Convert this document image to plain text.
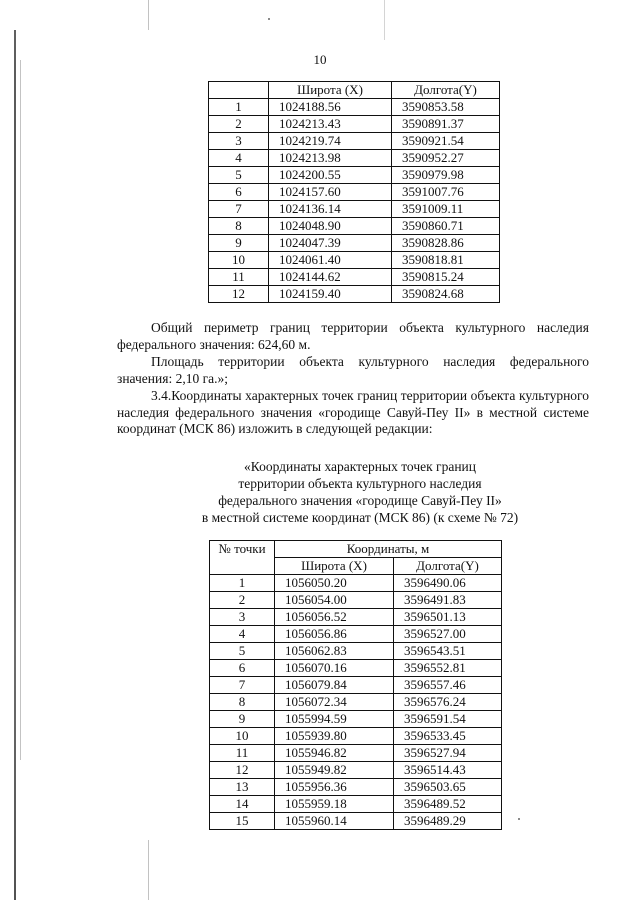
10
	Широта (X)	Долгота(Y)
1	1024188.56	3590853.58
2	1024213.43	3590891.37
3	1024219.74	3590921.54
4	1024213.98	3590952.27
5	1024200.55	3590979.98
6	1024157.60	3591007.76
7	1024136.14	3591009.11
8	1024048.90	3590860.71
9	1024047.39	3590828.86
10	1024061.40	3590818.81
11	1024144.62	3590815.24
12	1024159.40	3590824.68

Общий периметр границ территории объекта культурного наследия федерального значения: 624,60 м.

Площадь территории объекта культурного наследия федерального значения: 2,10 га.»;

3.4.Координаты характерных точек границ территории объекта культурного наследия федерального значения «городище Савуй-Пеу II» в местной системе координат (МСК 86) изложить в следующей редакции:

«Координаты характерных точек границ
территории объекта культурного наследия
федерального значения «городище Савуй-Пеу II»
в местной системе координат (МСК 86) (к схеме № 72)
№ точки	Координаты, м	
	Широта (X)	Долгота(Y)
1	1056050.20	3596490.06
2	1056054.00	3596491.83
3	1056056.52	3596501.13
4	1056056.86	3596527.00
5	1056062.83	3596543.51
6	1056070.16	3596552.81
7	1056079.84	3596557.46
8	1056072.34	3596576.24
9	1055994.59	3596591.54
10	1055939.80	3596533.45
11	1055946.82	3596527.94
12	1055949.82	3596514.43
13	1055956.36	3596503.65
14	1055959.18	3596489.52
15	1055960.14	3596489.29
